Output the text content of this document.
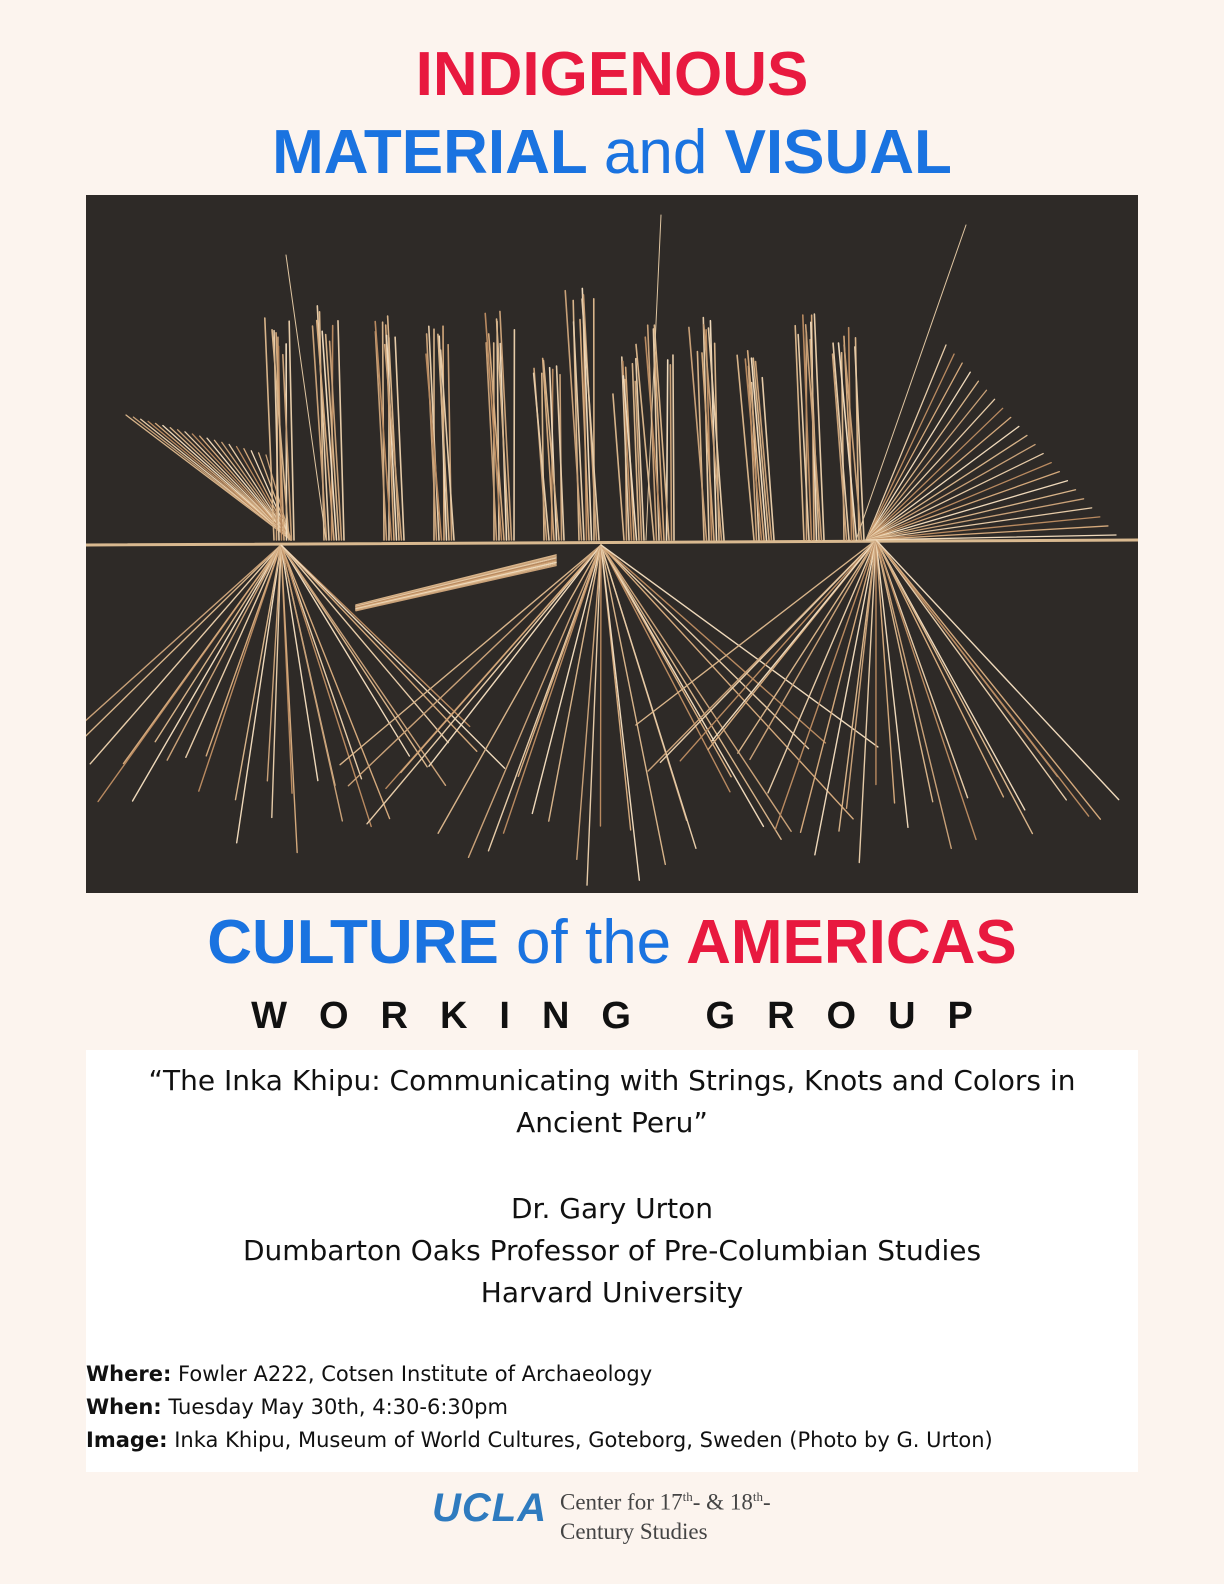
INDIGENOUS
MATERIAL and VISUAL
CULTURE of the AMERICAS
WORKING GROUP
“The Inka Khipu: Communicating with Strings, Knots and Colors in Ancient Peru”
Dr. Gary Urton
Dumbarton Oaks Professor of Pre-Columbian Studies
Harvard University
Where: Fowler A222, Cotsen Institute of Archaeology
When: Tuesday May 30th, 4:30-6:30pm
Image: Inka Khipu, Museum of World Cultures, Goteborg, Sweden (Photo by G. Urton)
UCLA Center for 17th- & 18th-
Century Studies
